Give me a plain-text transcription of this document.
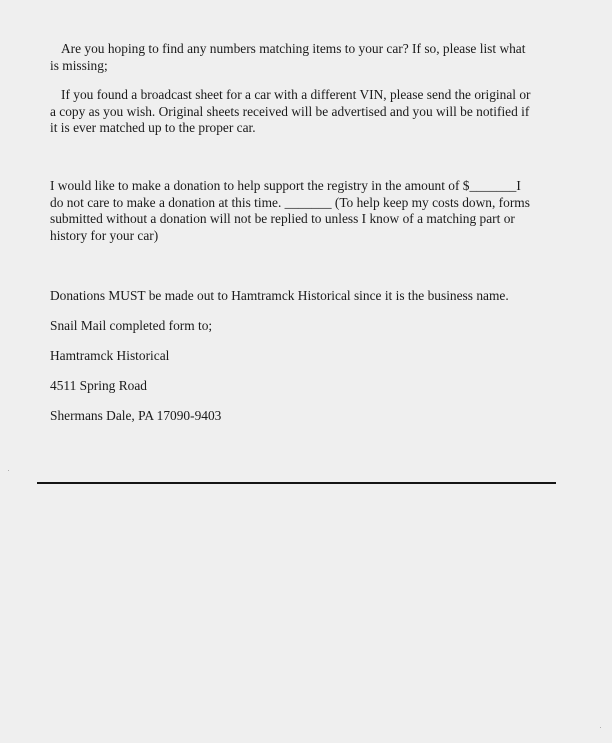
Are you hoping to find any numbers matching items to your car? If so, please list what
is missing;

If you found a broadcast sheet for a car with a different VIN, please send the original or
a copy as you wish. Original sheets received will be advertised and you will be notified if
it is ever matched up to the proper car.

I would like to make a donation to help support the registry in the amount of $_______I
do not care to make a donation at this time. _______ (To help keep my costs down, forms
submitted without a donation will not be replied to unless I know of a matching part or
history for your car)

Donations MUST be made out to Hamtramck Historical since it is the business name.

Snail Mail completed form to;

Hamtramck Historical

4511 Spring Road

Shermans Dale, PA 17090-9403
